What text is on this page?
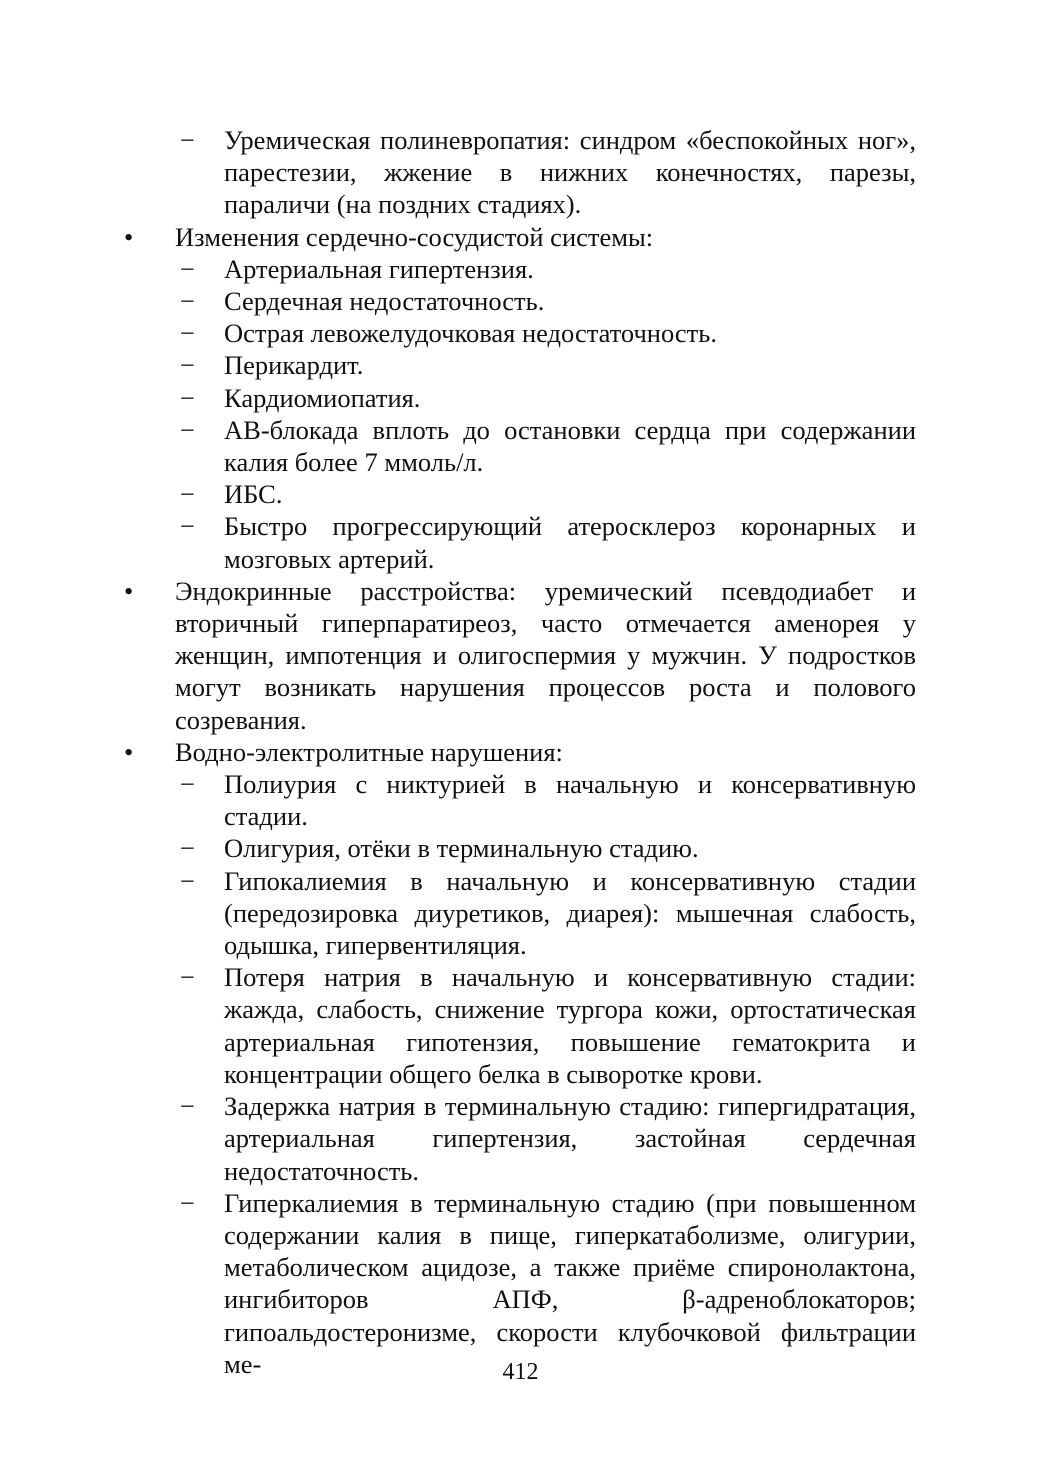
− Уремическая полиневропатия: синдром «беспокойных ног», парестезии, жжение в нижних конечностях, парезы, параличи (на поздних стадиях).
• Изменения сердечно-сосудистой системы:
− Артериальная гипертензия.
− Сердечная недостаточность.
− Острая левожелудочковая недостаточность.
− Перикардит.
− Кардиомиопатия.
− АВ-блокада вплоть до остановки сердца при содержании калия более 7 ммоль/л.
− ИБС.
− Быстро прогрессирующий атеросклероз коронарных и мозговых артерий.
• Эндокринные расстройства: уремический псевдодиабет и вторичный гиперпаратиреоз, часто отмечается аменорея у женщин, импотенция и олигоспермия у мужчин. У подростков могут возникать нарушения процессов роста и полового созревания.
• Водно-электролитные нарушения:
− Полиурия с никтурией в начальную и консервативную стадии.
− Олигурия, отёки в терминальную стадию.
− Гипокалиемия в начальную и консервативную стадии (передозировка диуретиков, диарея): мышечная слабость, одышка, гипервентиляция.
− Потеря натрия в начальную и консервативную стадии: жажда, слабость, снижение тургора кожи, ортостатическая артериальная гипотензия, повышение гематокрита и концентрации общего белка в сыворотке крови.
− Задержка натрия в терминальную стадию: гипергидратация, артериальная гипертензия, застойная сердечная недостаточность.
− Гиперкалиемия в терминальную стадию (при повышенном содержании калия в пище, гиперкатаболизме, олигурии, метаболическом ацидозе, а также приёме спиронолактона, ингибиторов АПФ, β-адреноблокаторов; гипоальдостеронизме, скорости клубочковой фильтрации ме-	412
